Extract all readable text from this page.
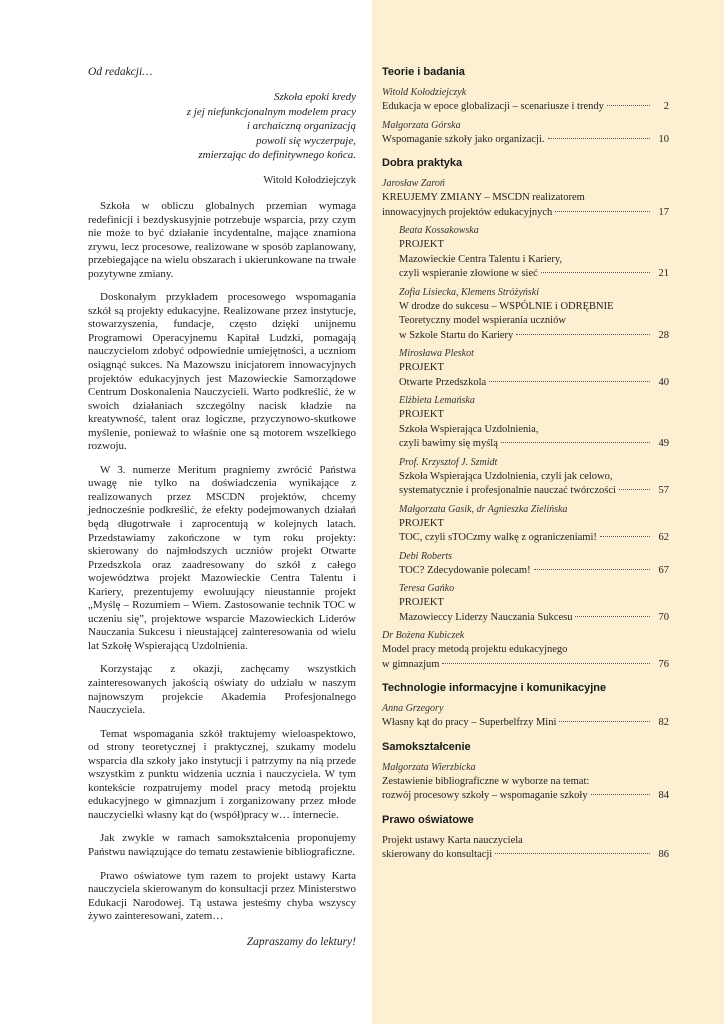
Od redakcji…
Szkoła epoki kredy
z jej niefunkcjonalnym modelem pracy
i archaiczną organizacją
powoli się wyczerpuje,
zmierzając do definitywnego końca.
Witold Kołodziejczyk

Szkoła w obliczu globalnych przemian wymaga redefinicji i bezdyskusyjnie potrzebuje wsparcia, przy czym nie może to być działanie incydentalne, mające znamiona zrywu, lecz procesowe, realizowane w sposób zaplanowany, przebiegające na wielu obszarach i ukierunkowane na trwałe pozytywne zmiany.

Doskonałym przykładem procesowego wspomagania szkół są projekty edukacyjne. Realizowane przez instytucje, stowarzyszenia, fundacje, często dzięki unijnemu Programowi Operacyjnemu Kapitał Ludzki, pomagają nauczycielom zdobyć odpowiednie umiejętności, a uczniom osiągnąć sukces. Na Mazowszu inicjatorem innowacyjnych projektów edukacyjnych jest Mazowieckie Samorządowe Centrum Doskonalenia Nauczycieli. Warto podkreślić, że w swoich działaniach szczególny nacisk kładzie na kreatywność, talent oraz logiczne, przyczynowo-skutkowe myślenie, ponieważ to właśnie one są motorem wszelkiego rozwoju.

W 3. numerze Meritum pragniemy zwrócić Państwa uwagę nie tylko na doświadczenia wynikające z realizowanych przez MSCDN projektów, chcemy jednocześnie podkreślić, że efekty podejmowanych działań będą długotrwałe i zaprocentują w kolejnych latach. Przedstawiamy zakończone w tym roku projekty: skierowany do najmłodszych uczniów projekt Otwarte Przedszkola oraz zaadresowany do szkół z całego województwa projekt Mazowieckie Centra Talentu i Kariery, prezentujemy ewoluujący nieustannie projekt „Myślę – Rozumiem – Wiem. Zastosowanie technik TOC w uczeniu się”, projektowe wsparcie Mazowieckich Liderów Nauczania Sukcesu i nieustającej zainteresowania od wielu lat Szkołę Wspierającą Uzdolnienia.

Korzystając z okazji, zachęcamy wszystkich zainteresowanych jakością oświaty do udziału w naszym najnowszym projekcie Akademia Profesjonalnego Nauczyciela.

Temat wspomagania szkół traktujemy wieloaspektowo, od strony teoretycznej i praktycznej, szukamy modelu wsparcia dla szkoły jako instytucji i patrzymy na nią przede wszystkim z punktu widzenia ucznia i nauczyciela. W tym kontekście rozpatrujemy model pracy metodą projektu edukacyjnego w gimnazjum i zorganizowany przez młode nauczycielki własny kąt do (współ)pracy w… internecie.

Jak zwykle w ramach samokształcenia proponujemy Państwu nawiązujące do tematu zestawienie bibliograficzne.

Prawo oświatowe tym razem to projekt ustawy Karta nauczyciela skierowanym do konsultacji przez Ministerstwo Edukacji Narodowej. Tą ustawa jesteśmy chyba wszyscy żywo zainteresowani, zatem…

Zapraszamy do lektury!
Teorie i badania
Witold Kołodziejczyk
Edukacja w epoce globalizacji – scenariusze i trendy	2
Małgorzata Górska
Wspomaganie szkoły jako organizacji.	10
Dobra praktyka
Jarosław Zaroń
KREUJEMY ZMIANY – MSCDN realizatorem
innowacyjnych projektów edukacyjnych	17
Beata Kossakowska
PROJEKT
Mazowieckie Centra Talentu i Kariery,
czyli wspieranie złowione w sieć	21
Zofia Lisiecka, Klemens Stróżyński
W drodze do sukcesu – WSPÓLNIE i ODRĘBNIE
Teoretyczny model wspierania uczniów
w Szkole Startu do Kariery	28
Mirosława Pleskot
PROJEKT
Otwarte Przedszkola	40
Elżbieta Lemańska
PROJEKT
Szkoła Wspierająca Uzdolnienia,
czyli bawimy się myślą	49
Prof. Krzysztof J. Szmidt
Szkoła Wspierająca Uzdolnienia, czyli jak celowo,
systematycznie i profesjonalnie nauczać twórczości	57
Małgorzata Gasik, dr Agnieszka Zielińska
PROJEKT
TOC, czyli sTOCzmy walkę z ograniczeniami!	62
Debi Roberts
TOC? Zdecydowanie polecam!	67
Teresa Gańko
PROJEKT
Mazowieccy Liderzy Nauczania Sukcesu	70
Dr Bożena Kubiczek
Model pracy metodą projektu edukacyjnego
w gimnazjum	76
Technologie informacyjne i komunikacyjne
Anna Grzegory
Własny kąt do pracy – Superbelfrzy Mini	82
Samokształcenie
Małgorzata Wierzbicka
Zestawienie bibliograficzne w wyborze na temat:
rozwój procesowy szkoły – wspomaganie szkoły	84
Prawo oświatowe
Projekt ustawy Karta nauczyciela
skierowany do konsultacji	86
